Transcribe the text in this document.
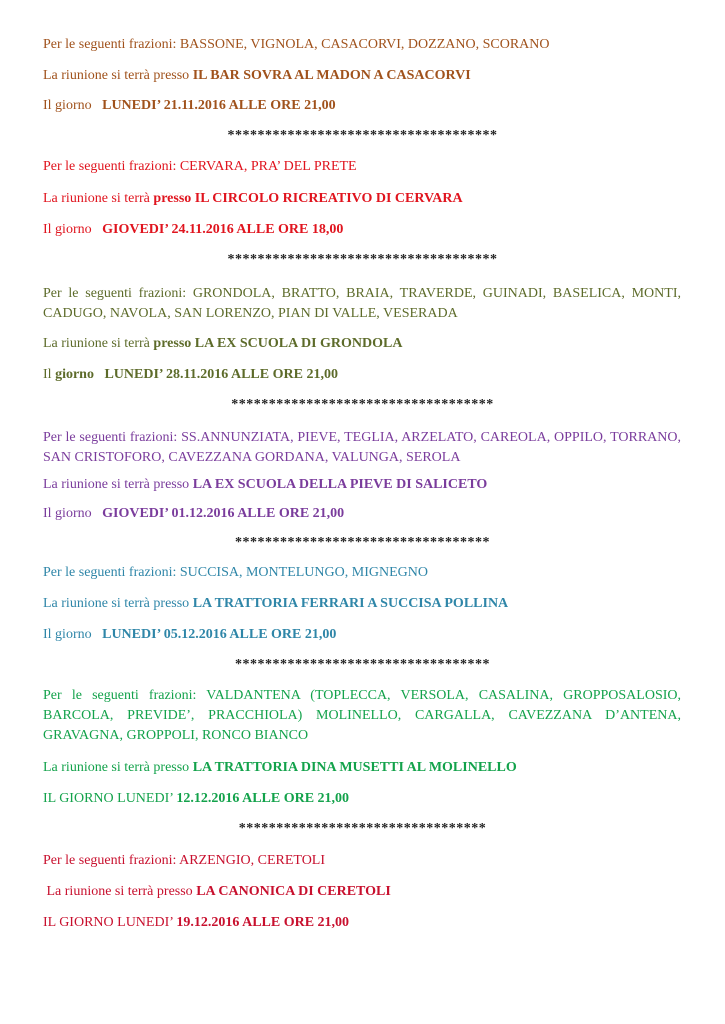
Per le seguenti frazioni: BASSONE, VIGNOLA, CASACORVI, DOZZANO, SCORANO
La riunione si terrà presso IL BAR SOVRA AL MADON A CASACORVI
Il giorno   LUNEDI’ 21.11.2016 ALLE ORE 21,00
************************************
Per le seguenti frazioni: CERVARA, PRA’ DEL PRETE
La riunione si terrà presso IL CIRCOLO RICREATIVO DI CERVARA
Il giorno   GIOVEDI’ 24.11.2016 ALLE ORE 18,00
************************************
Per le seguenti frazioni: GRONDOLA, BRATTO, BRAIA, TRAVERDE, GUINADI, BASELICA, MONTI, CADUGO, NAVOLA, SAN LORENZO, PIAN DI VALLE, VESERADA
La riunione si terrà presso LA EX SCUOLA DI GRONDOLA
Il giorno   LUNEDI’ 28.11.2016 ALLE ORE 21,00
***********************************
Per le seguenti frazioni: SS.ANNUNZIATA, PIEVE, TEGLIA, ARZELATO, CAREOLA, OPPILO, TORRANO, SAN CRISTOFORO, CAVEZZANA GORDANA, VALUNGA, SEROLA
La riunione si terrà presso LA EX SCUOLA DELLA PIEVE DI SALICETO
Il giorno   GIOVEDI’ 01.12.2016 ALLE ORE 21,00
**********************************
Per le seguenti frazioni: SUCCISA, MONTELUNGO, MIGNEGNO
La riunione si terrà presso LA TRATTORIA FERRARI A SUCCISA POLLINA
Il giorno   LUNEDI’ 05.12.2016 ALLE ORE 21,00
**********************************
Per le seguenti frazioni: VALDANTENA (TOPLECCA, VERSOLA, CASALINA, GROPPOSALOSIO, BARCOLA, PREVIDE’, PRACCHIOLA) MOLINELLO, CARGALLA, CAVEZZANA D’ANTENA, GRAVAGNA, GROPPOLI, RONCO BIANCO
La riunione si terrà presso LA TRATTORIA DINA MUSETTI AL MOLINELLO
IL GIORNO LUNEDI’ 12.12.2016 ALLE ORE 21,00
*********************************
Per le seguenti frazioni: ARZENGIO, CERETOLI
La riunione si terrà presso LA CANONICA DI CERETOLI
IL GIORNO LUNEDI’ 19.12.2016 ALLE ORE 21,00
